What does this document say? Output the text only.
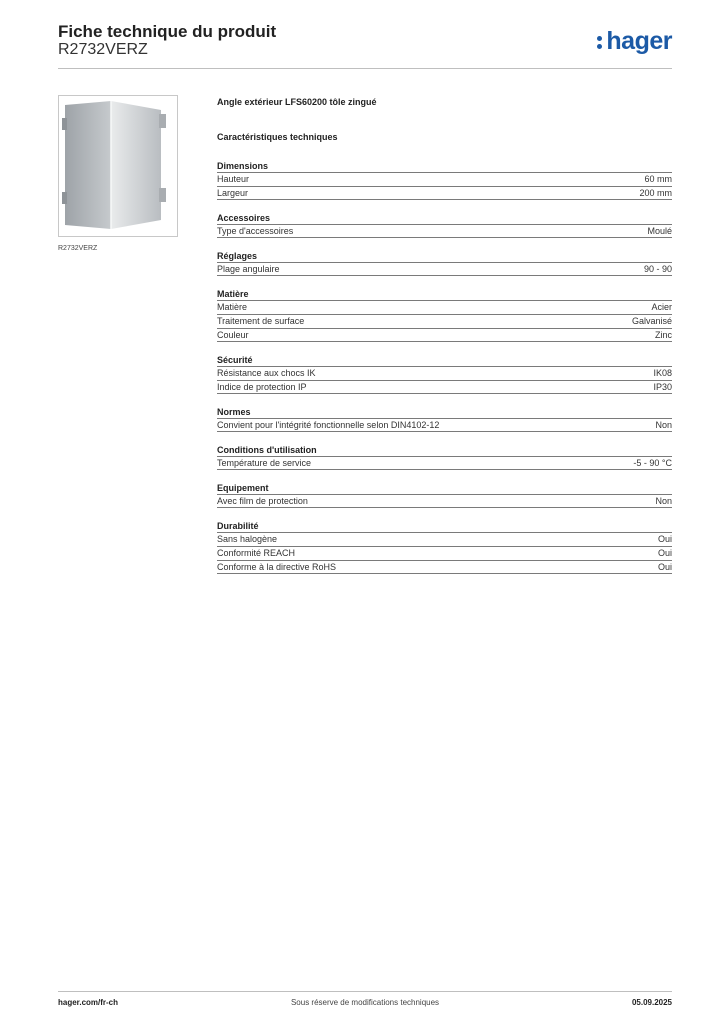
Fiche technique du produit
R2732VERZ	hager
R2732VERZ
Angle extérieur LFS60200 tôle zingué
Caractéristiques techniques
Dimensions
Hauteur	60 mm
Largeur	200 mm
Accessoires
Type d'accessoires	Moulé
Réglages
Plage angulaire	90 - 90
Matière
Matière	Acier
Traitement de surface	Galvanisé
Couleur	Zinc
Sécurité
Résistance aux chocs IK	IK08
Indice de protection IP	IP30
Normes
Convient pour l'intégrité fonctionnelle selon DIN4102-12	Non
Conditions d'utilisation
Température de service	-5 - 90 °C
Equipement
Avec film de protection	Non
Durabilité
Sans halogène	Oui
Conformité REACH	Oui
Conforme à la directive RoHS	Oui
hager.com/fr-ch	Sous réserve de modifications techniques	05.09.2025
